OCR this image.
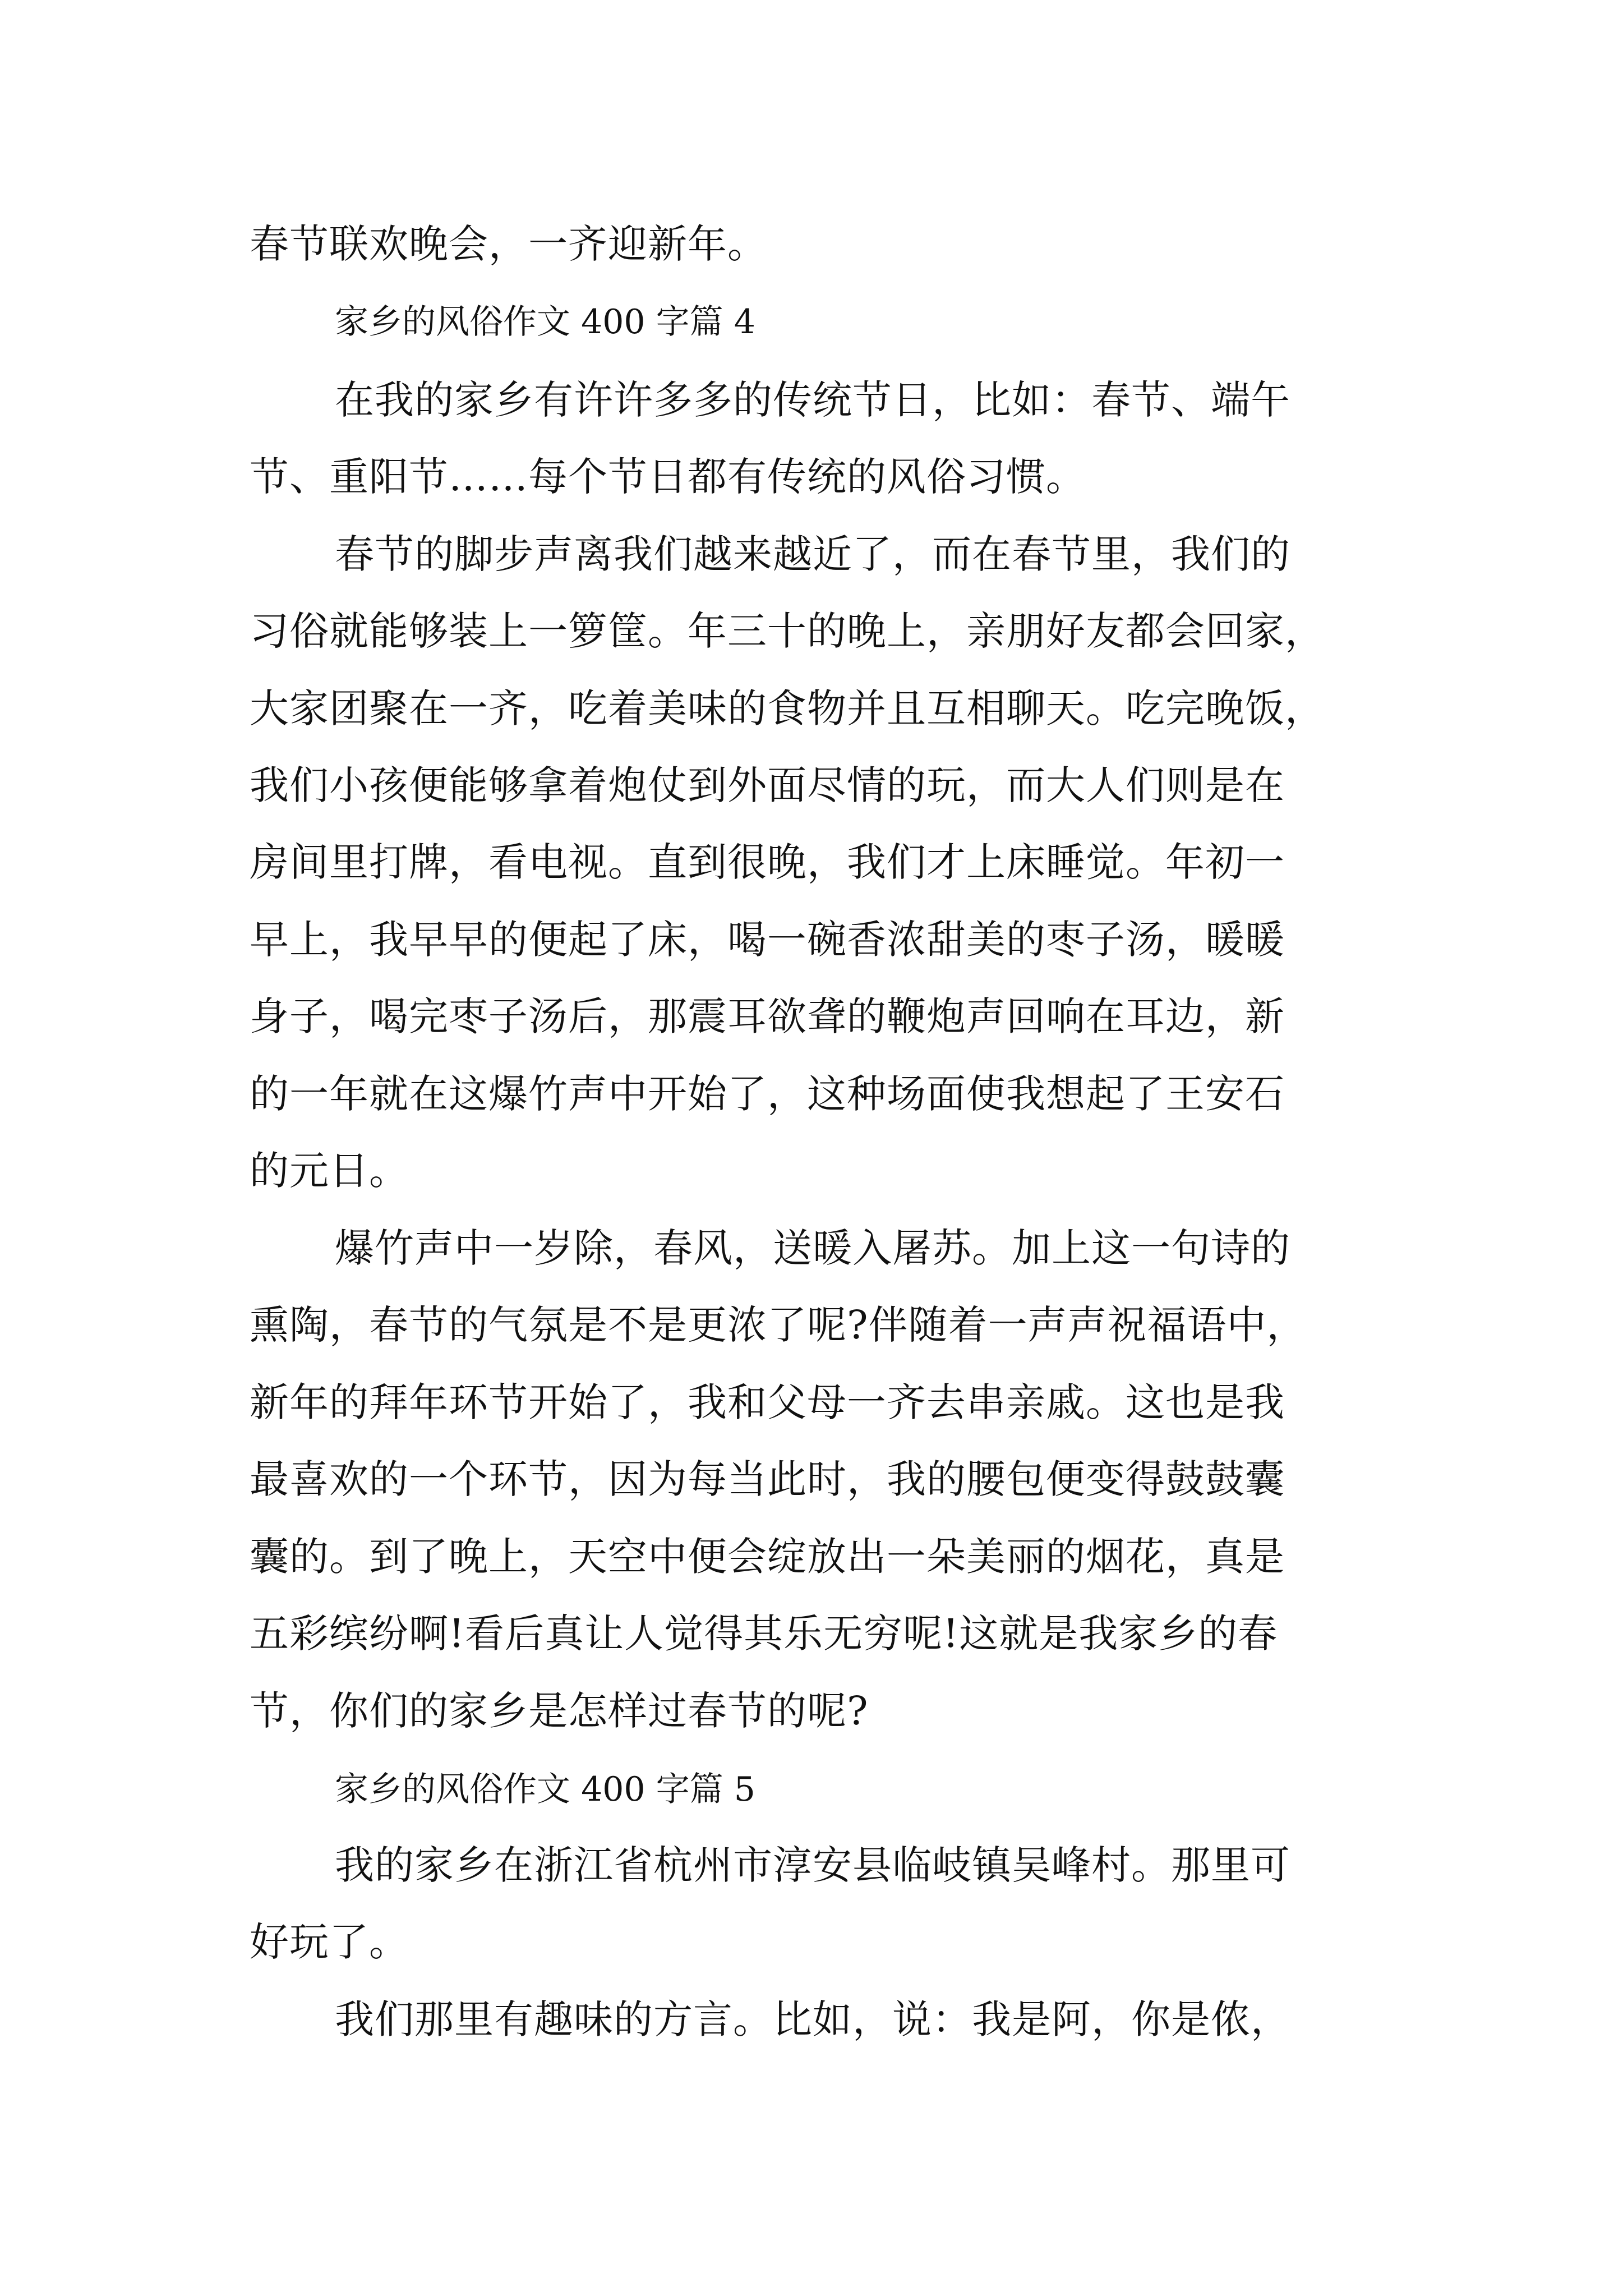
春节联欢晚会，一齐迎新年。
家乡的风俗作文 400 字篇 4
在我的家乡有许许多多的传统节日，比如：春节、端午
节、重阳节……每个节日都有传统的风俗习惯。
春节的脚步声离我们越来越近了，而在春节里，我们的
习俗就能够装上一箩筐。年三十的晚上，亲朋好友都会回家，
大家团聚在一齐，吃着美味的食物并且互相聊天。吃完晚饭，
我们小孩便能够拿着炮仗到外面尽情的玩，而大人们则是在
房间里打牌，看电视。直到很晚，我们才上床睡觉。年初一
早上，我早早的便起了床，喝一碗香浓甜美的枣子汤，暖暖
身子，喝完枣子汤后，那震耳欲聋的鞭炮声回响在耳边，新
的一年就在这爆竹声中开始了，这种场面使我想起了王安石
的元日。
爆竹声中一岁除，春风，送暖入屠苏。加上这一句诗的
熏陶，春节的气氛是不是更浓了呢?伴随着一声声祝福语中，
新年的拜年环节开始了，我和父母一齐去串亲戚。这也是我
最喜欢的一个环节，因为每当此时，我的腰包便变得鼓鼓囊
囊的。到了晚上，天空中便会绽放出一朵美丽的烟花，真是
五彩缤纷啊!看后真让人觉得其乐无穷呢!这就是我家乡的春
节，你们的家乡是怎样过春节的呢?
家乡的风俗作文 400 字篇 5
我的家乡在浙江省杭州市淳安县临岐镇吴峰村。那里可
好玩了。
我们那里有趣味的方言。比如，说：我是阿，你是侬，
